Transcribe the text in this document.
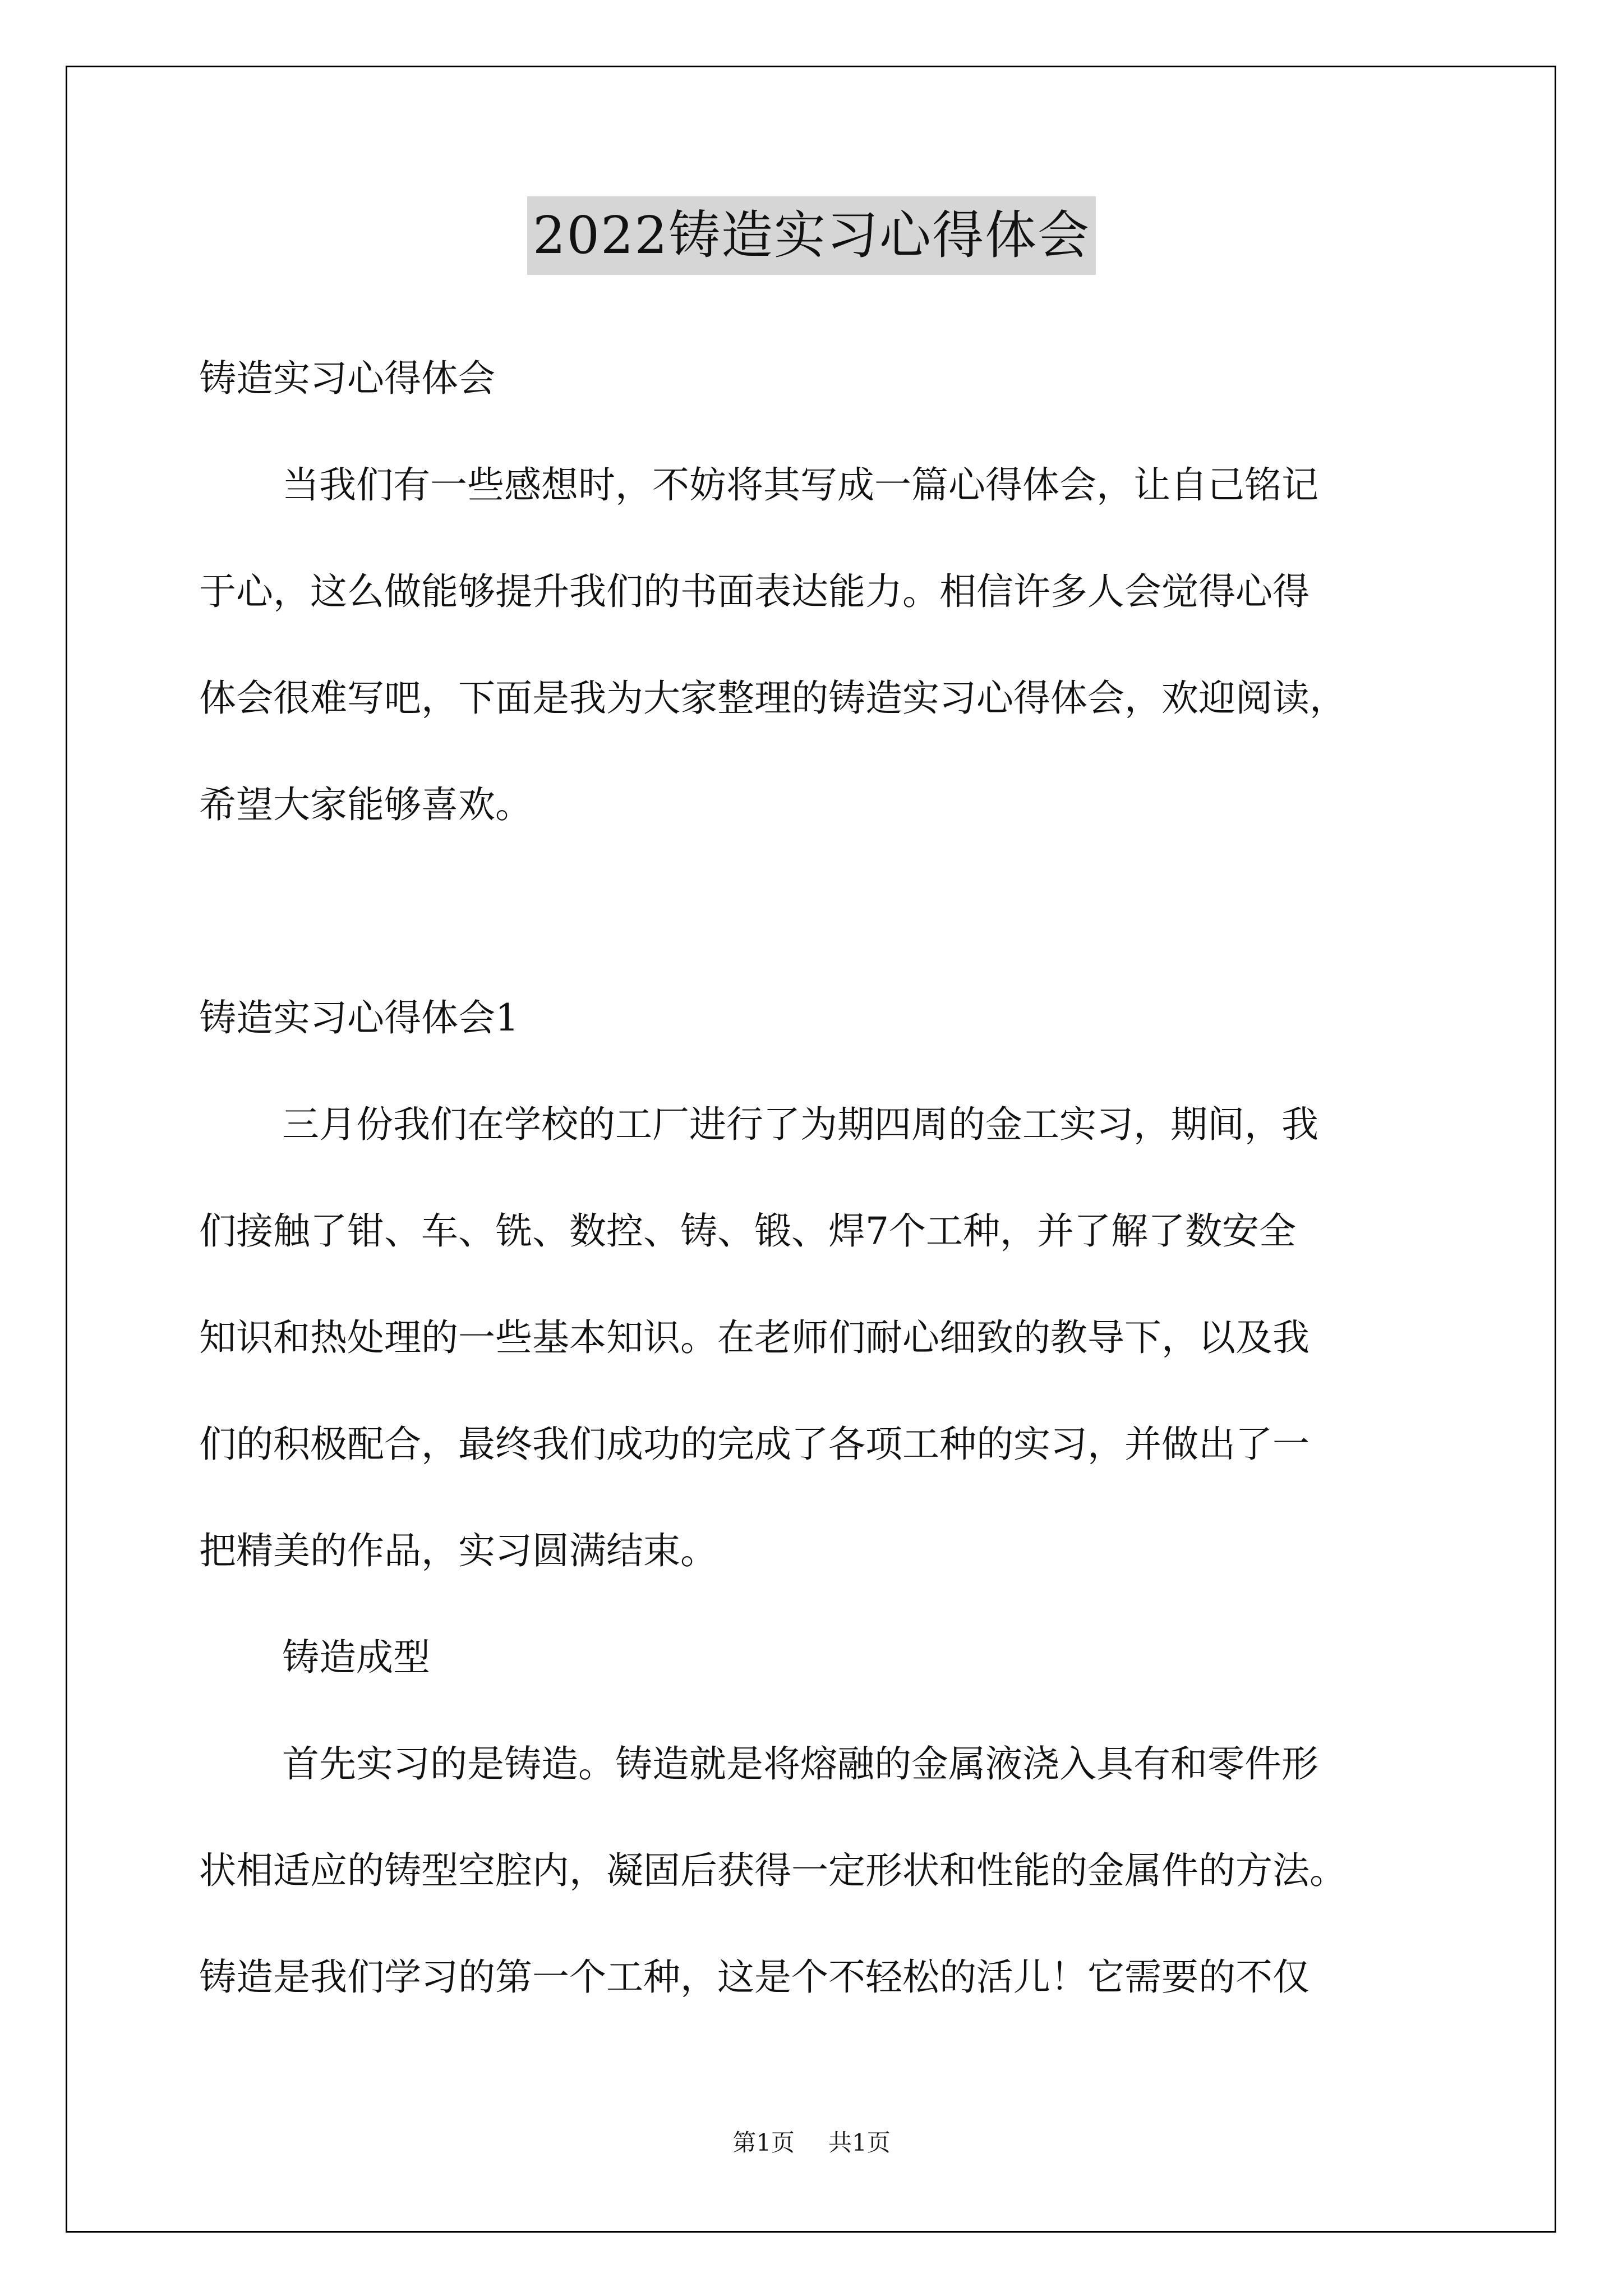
2022铸造实习心得体会

铸造实习心得体会

当我们有一些感想时，不妨将其写成一篇心得体会，让自己铭记

于心，这么做能够提升我们的书面表达能力。相信许多人会觉得心得

体会很难写吧，下面是我为大家整理的铸造实习心得体会，欢迎阅读，

希望大家能够喜欢。

铸造实习心得体会1

三月份我们在学校的工厂进行了为期四周的金工实习，期间，我

们接触了钳、车、铣、数控、铸、锻、焊7个工种，并了解了数安全

知识和热处理的一些基本知识。在老师们耐心细致的教导下，以及我

们的积极配合，最终我们成功的完成了各项工种的实习，并做出了一

把精美的作品，实习圆满结束。

铸造成型

首先实习的是铸造。铸造就是将熔融的金属液浇入具有和零件形

状相适应的铸型空腔内，凝固后获得一定形状和性能的金属件的方法。

铸造是我们学习的第一个工种，这是个不轻松的活儿！它需要的不仅

第1页 共1页
